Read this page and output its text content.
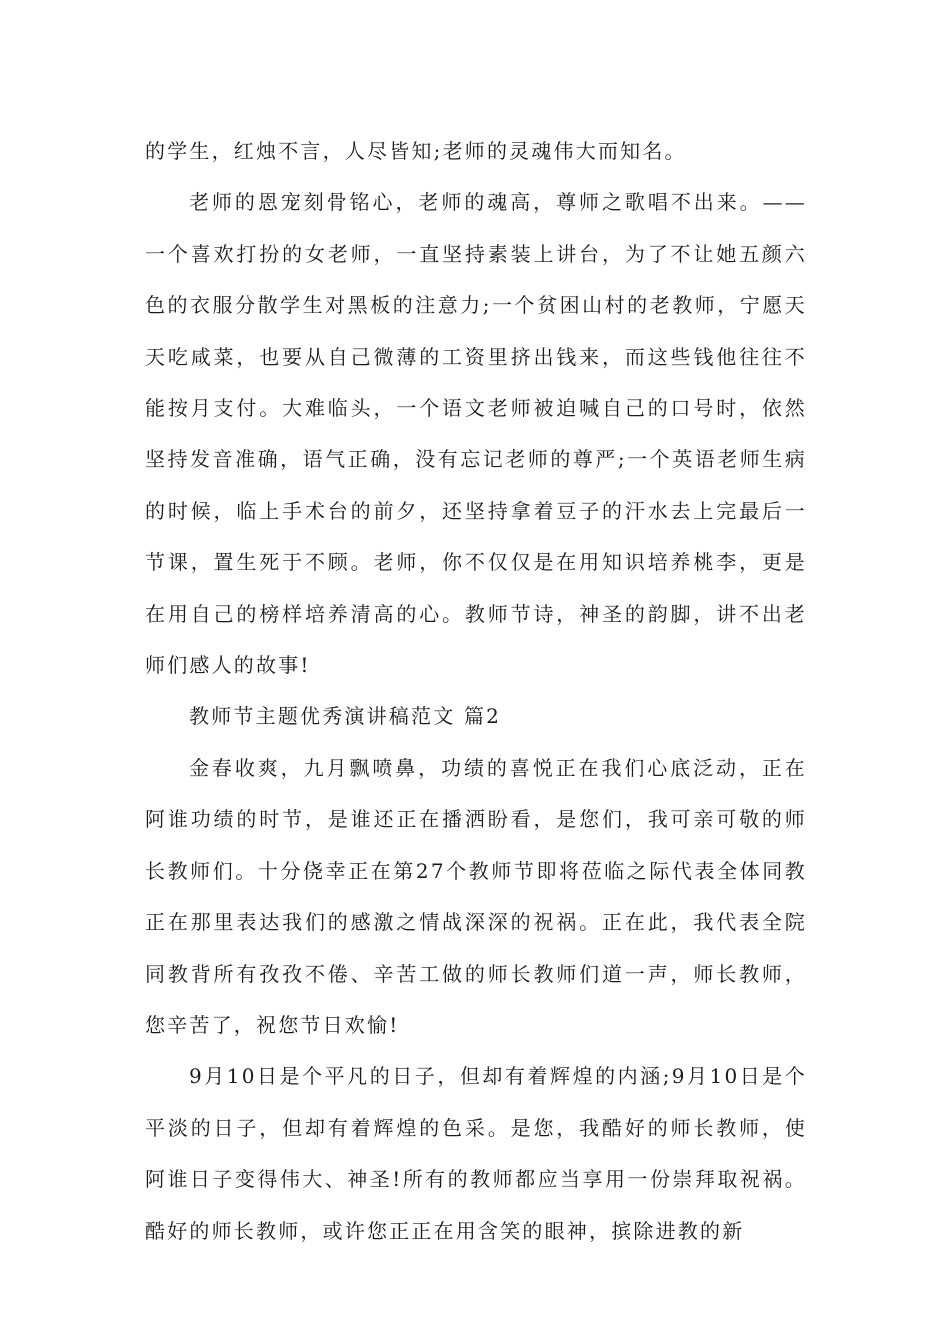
的学生，红烛不言，人尽皆知;老师的灵魂伟大而知名。

老师的恩宠刻骨铭心，老师的魂高，尊师之歌唱不出来。——一个喜欢打扮的女老师，一直坚持素装上讲台，为了不让她五颜六色的衣服分散学生对黑板的注意力;一个贫困山村的老教师，宁愿天天吃咸菜，也要从自己微薄的工资里挤出钱来，而这些钱他往往不能按月支付。大难临头，一个语文老师被迫喊自己的口号时，依然坚持发音准确，语气正确，没有忘记老师的尊严;一个英语老师生病的时候，临上手术台的前夕，还坚持拿着豆子的汗水去上完最后一节课，置生死于不顾。老师，你不仅仅是在用知识培养桃李，更是在用自己的榜样培养清高的心。教师节诗，神圣的韵脚，讲不出老师们感人的故事!

教师节主题优秀演讲稿范文 篇2

金春收爽，九月飘喷鼻，功绩的喜悦正在我们心底泛动，正在阿谁功绩的时节，是谁还正在播洒盼看，是您们，我可亲可敬的师长教师们。十分侥幸正在第27个教师节即将莅临之际代表全体同教正在那里表达我们的感激之情战深深的祝祸。正在此，我代表全院同教背所有孜孜不倦、辛苦工做的师长教师们道一声，师长教师，您辛苦了，祝您节日欢愉!

9月10日是个平凡的日子，但却有着辉煌的内涵;9月10日是个平淡的日子，但却有着辉煌的色采。是您，我酷好的师长教师，使阿谁日子变得伟大、神圣!所有的教师都应当享用一份崇拜取祝祸。酷好的师长教师，或许您正正在用含笑的眼神，摈除进教的新
